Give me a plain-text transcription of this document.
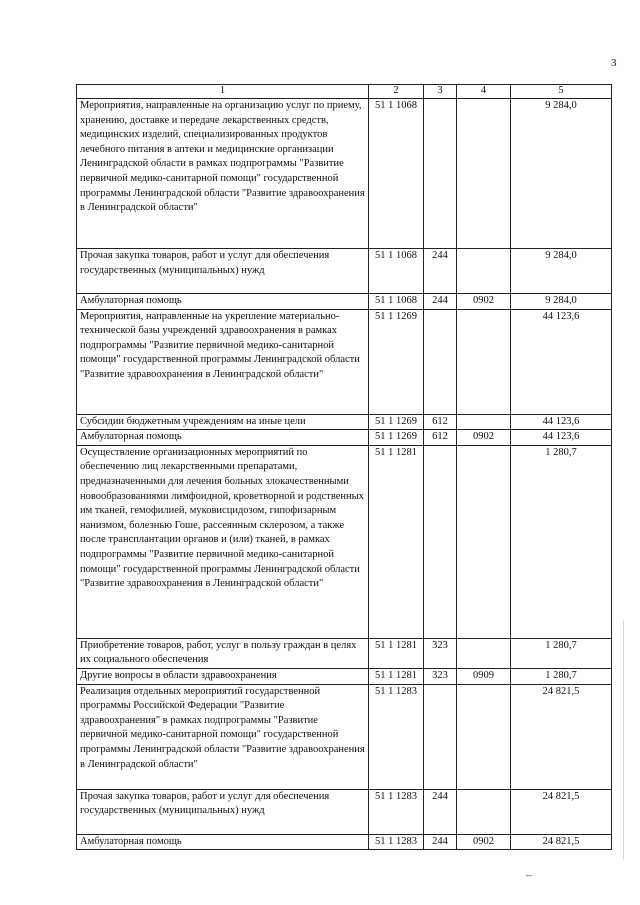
3
1	2	3	4	5
Мероприятия, направленные на организацию услуг по приему, хранению, доставке и передаче лекарственных средств, медицинских изделий, специализированных продуктов лечебного питания в аптеки и медицинские организации Ленинградской области в рамках подпрограммы "Развитие первичной медико-санитарной помощи" государственной программы Ленинградской области "Развитие здравоохранения в Ленинградской области"	51 1 1068			9 284,0
Прочая закупка товаров, работ и услуг для обеспечения государственных (муниципальных) нужд	51 1 1068	244		9 284,0
Амбулаторная помощь	51 1 1068	244	0902	9 284,0
Мероприятия, направленные на укрепление материально-технической базы учреждений здравоохранения в рамках подпрограммы "Развитие первичной медико-санитарной помощи" государственной программы Ленинградской области "Развитие здравоохранения в Ленинградской области"	51 1 1269			44 123,6
Субсидии бюджетным учреждениям на иные цели	51 1 1269	612		44 123,6
Амбулаторная помощь	51 1 1269	612	0902	44 123,6
Осуществление организационных мероприятий по обеспечению лиц лекарственными препаратами, предназначенными для лечения больных злокачественными новообразованиями лимфоидной, кроветворной и родственных им тканей, гемофилией, муковисцидозом, гипофизарным нанизмом, болезнью Гоше, рассеянным склерозом, а также после трансплантации органов и (или) тканей, в рамках подпрограммы "Развитие первичной медико-санитарной помощи" государственной программы Ленинградской области "Развитие здравоохранения в Ленинградской области"	51 1 1281			1 280,7
Приобретение товаров, работ, услуг в пользу граждан в целях их социального обеспечения	51 1 1281	323		1 280,7
Другие вопросы в области здравоохранения	51 1 1281	323	0909	1 280,7
Реализация отдельных мероприятий государственной программы Российской Федерации "Развитие здравоохранения" в рамках подпрограммы "Развитие первичной медико-санитарной помощи" государственной программы Ленинградской области "Развитие здравоохранения в Ленинградской области"	51 1 1283			24 821,5
Прочая закупка товаров, работ и услуг для обеспечения государственных (муниципальных) нужд	51 1 1283	244		24 821,5
Амбулаторная помощь	51 1 1283	244	0902	24 821,5
--
